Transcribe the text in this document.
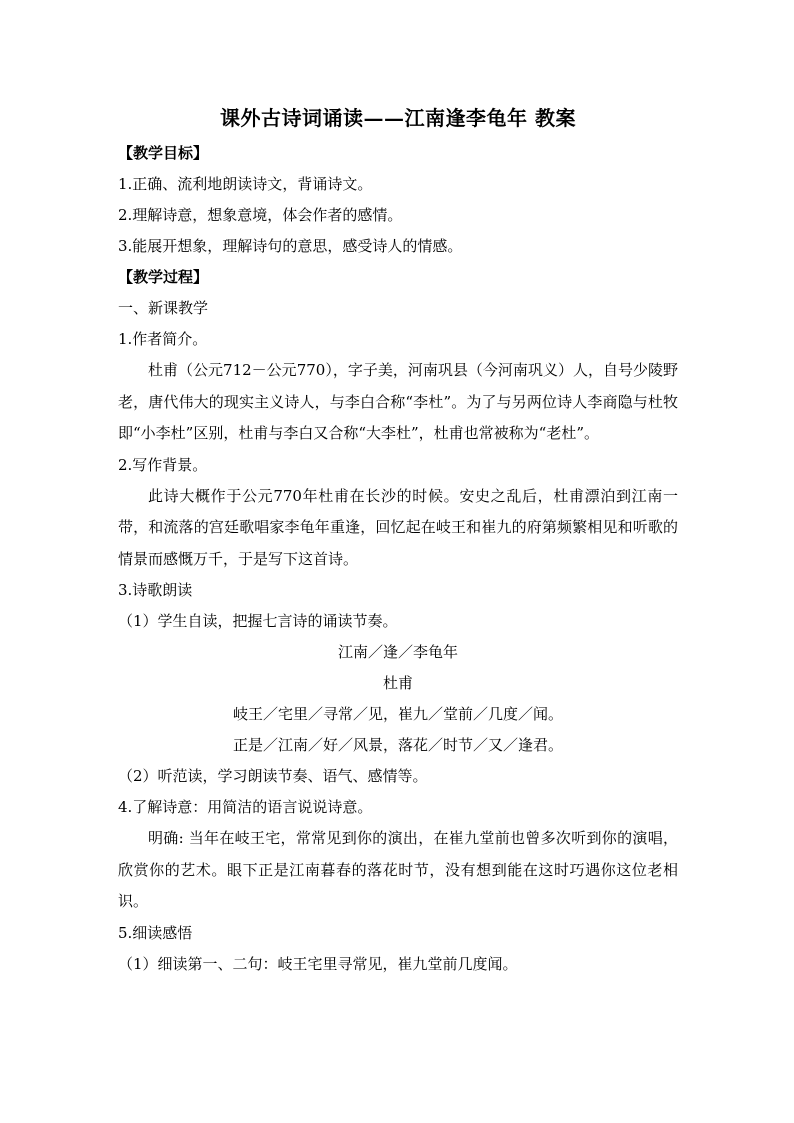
课外古诗词诵读——江南逢李龟年 教案

【教学目标】

1.正确、流利地朗读诗文，背诵诗文。

2.理解诗意，想象意境，体会作者的感情。

3.能展开想象，理解诗句的意思，感受诗人的情感。

【教学过程】

一、新课教学

1.作者简介。

杜甫（公元712－公元770），字子美，河南巩县（今河南巩义）人，自号少陵野老，唐代伟大的现实主义诗人，与李白合称“李杜”。为了与另两位诗人李商隐与杜牧即“小李杜”区别，杜甫与李白又合称“大李杜”，杜甫也常被称为“老杜”。

2.写作背景。

此诗大概作于公元770年杜甫在长沙的时候。安史之乱后，杜甫漂泊到江南一带，和流落的宫廷歌唱家李龟年重逢，回忆起在岐王和崔九的府第频繁相见和听歌的情景而感慨万千，于是写下这首诗。

3.诗歌朗读

（1）学生自读，把握七言诗的诵读节奏。

江南／逢／李龟年

杜甫

岐王／宅里／寻常／见，崔九／堂前／几度／闻。

正是／江南／好／风景，落花／时节／又／逢君。

（2）听范读，学习朗读节奏、语气、感情等。

4.了解诗意：用简洁的语言说说诗意。

明确: 当年在岐王宅，常常见到你的演出，在崔九堂前也曾多次听到你的演唱，欣赏你的艺术。眼下正是江南暮春的落花时节，没有想到能在这时巧遇你这位老相识。

5.细读感悟

（1）细读第一、二句：岐王宅里寻常见，崔九堂前几度闻。
